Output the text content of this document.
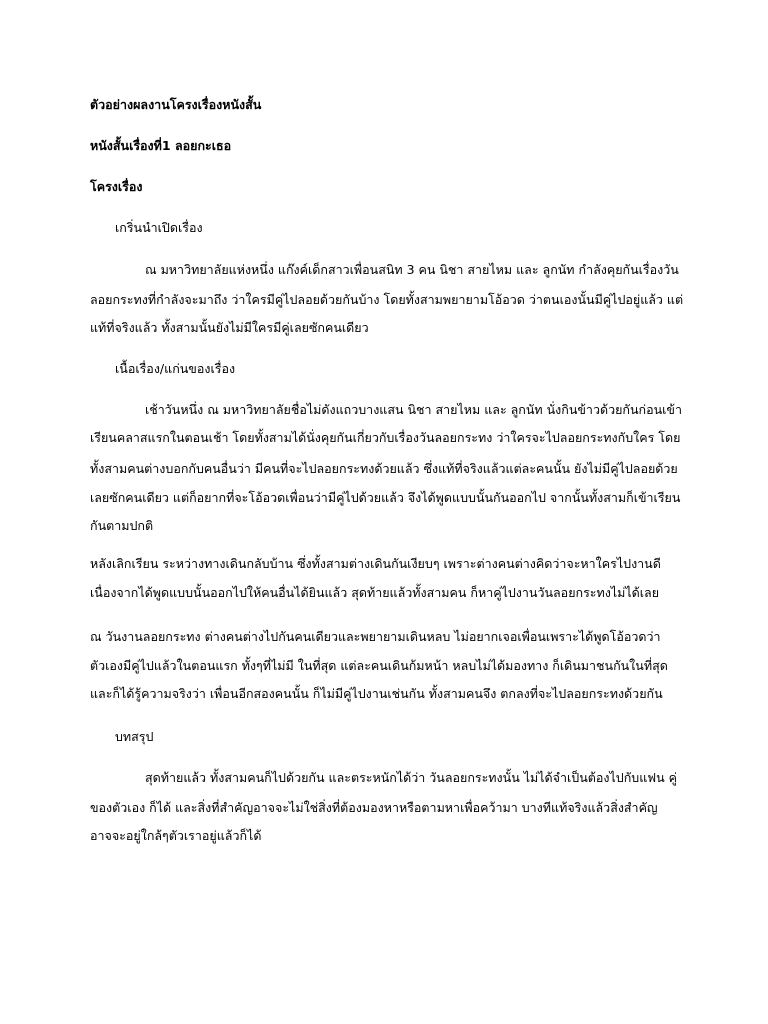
ตัวอย่างผลงานโครงเรื่องหนังสั้น
หนังสั้นเรื่องที่1 ลอยกะเธอ
โครงเรื่อง
เกริ่นนำเปิดเรื่อง
ณ มหาวิทยาลัยแห่งหนึ่ง แก๊งค์เด็กสาวเพื่อนสนิท 3 คน นิชา สายไหม และ ลูกนัท กำลังคุยกันเรื่องวัน
ลอยกระทงที่กำลังจะมาถึง ว่าใครมีคู่ไปลอยด้วยกันบ้าง โดยทั้งสามพยายามโอ้อวด ว่าตนเองนั้นมีคู่ไปอยู่แล้ว แต่
แท้ที่จริงแล้ว ทั้งสามนั้นยังไม่มีใครมีคู่เลยซักคนเดียว
เนื้อเรื่อง/แก่นของเรื่อง
เช้าวันหนึ่ง ณ มหาวิทยาลัยชื่อไม่ดังแถวบางแสน นิชา สายไหม และ ลูกนัท นั่งกินข้าวด้วยกันก่อนเข้า
เรียนคลาสแรกในตอนเช้า โดยทั้งสามได้นั่งคุยกันเกี่ยวกับเรื่องวันลอยกระทง ว่าใครจะไปลอยกระทงกับใคร โดย
ทั้งสามคนต่างบอกกับคนอื่นว่า มีคนที่จะไปลอยกระทงด้วยแล้ว ซึ่งแท้ที่จริงแล้วแต่ละคนนั้น ยังไม่มีคู่ไปลอยด้วย
เลยซักคนเดียว แต่ก็อยากที่จะโอ้อวดเพื่อนว่ามีคู่ไปด้วยแล้ว จึงได้พูดแบบนั้นกันออกไป จากนั้นทั้งสามก็เข้าเรียน
กันตามปกติ
หลังเลิกเรียน ระหว่างทางเดินกลับบ้าน ซึ่งทั้งสามต่างเดินกันเงียบๆ เพราะต่างคนต่างคิดว่าจะหาใครไปงานดี
เนื่องจากได้พูดแบบนั้นออกไปให้คนอื่นได้ยินแล้ว สุดท้ายแล้วทั้งสามคน ก็หาคู่ไปงานวันลอยกระทงไม่ได้เลย
ณ วันงานลอยกระทง ต่างคนต่างไปกันคนเดียวและพยายามเดินหลบ ไม่อยากเจอเพื่อนเพราะได้พูดโอ้อวดว่า
ตัวเองมีคู่ไปแล้วในตอนแรก ทั้งๆที่ไม่มี ในที่สุด แต่ละคนเดินก้มหน้า หลบไม่ได้มองทาง ก็เดินมาชนกันในที่สุด
และก็ได้รู้ความจริงว่า เพื่อนอีกสองคนนั้น ก็ไม่มีคู่ไปงานเช่นกัน ทั้งสามคนจึง ตกลงที่จะไปลอยกระทงด้วยกัน
บทสรุป
สุดท้ายแล้ว ทั้งสามคนก็ไปด้วยกัน และตระหนักได้ว่า วันลอยกระทงนั้น ไม่ได้จำเป็นต้องไปกับแฟน คู่
ของตัวเอง ก็ได้ และสิ่งที่สำคัญอาจจะไม่ใช่สิ่งที่ต้องมองหาหรือตามหาเพื่อคว้ามา บางทีแท้จริงแล้วสิ่งสำคัญ
อาจจะอยู่ใกล้ๆตัวเราอยู่แล้วก็ได้
